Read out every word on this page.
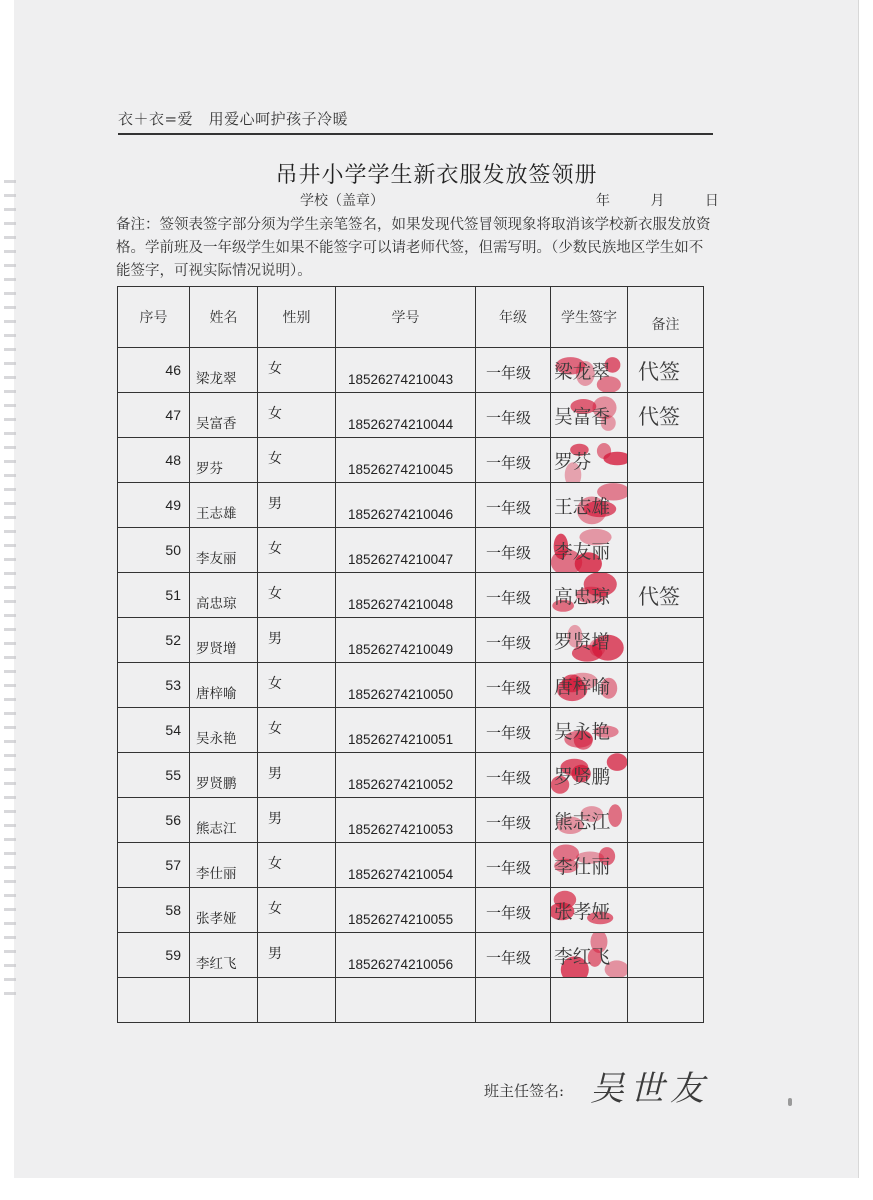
衣＋衣=爱　用爱心呵护孩子冷暖
吊井小学学生新衣服发放签领册
学校（盖章）	年	月	日
备注：签领表签字部分须为学生亲笔签名，如果发现代签冒领现象将取消该学校新衣服发放资格。学前班及一年级学生如果不能签字可以请老师代签，但需写明。（少数民族地区学生如不能签字，可视实际情况说明）。
序号	姓名	性别	学号	年级	学生签字	备注

46	梁龙翠	女	18526274210043	一年级	梁龙翠	代签

47	吴富香	女	18526274210044	一年级	吴富香	代签

48	罗芬	女	18526274210045	一年级	罗芬	

49	王志雄	男	18526274210046	一年级	王志雄	

50	李友丽	女	18526274210047	一年级	李友丽	

51	高忠琼	女	18526274210048	一年级	高忠琼	代签

52	罗贤增	男	18526274210049	一年级	罗贤增	

53	唐梓喻	女	18526274210050	一年级	唐梓喻	

54	吴永艳	女	18526274210051	一年级	吴永艳	

55	罗贤鹏	男	18526274210052	一年级	罗贤鹏	

56	熊志江	男	18526274210053	一年级	熊志江	

57	李仕丽	女	18526274210054	一年级	李仕丽	

58	张孝娅	女	18526274210055	一年级	张孝娅	

59	李红飞	男	18526274210056	一年级	李红飞	

班主任签名: 吴世友
